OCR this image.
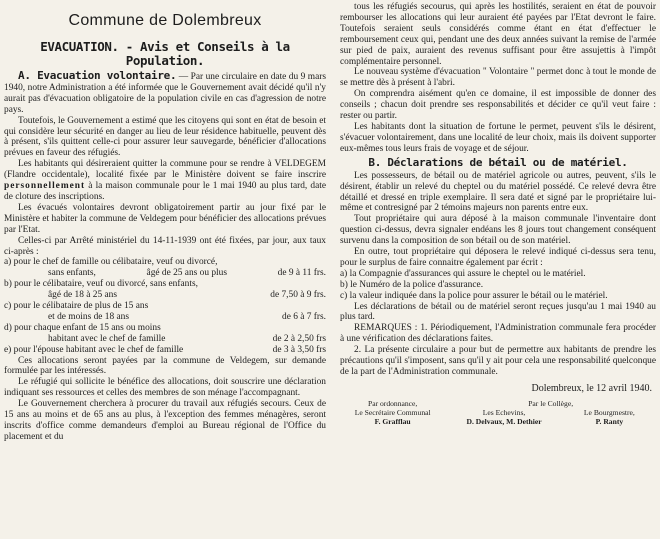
Commune de Dolembreux
EVACUATION. - Avis et Conseils à la Population.

A. Evacuation volontaire. — Par une circulaire en date du 9 mars 1940, notre Administration a été informée que le Gouvernement avait décidé qu'il n'y aurait pas d'évacuation obligatoire de la population civile en cas d'agression de notre pays.

Toutefois, le Gouvernement a estimé que les citoyens qui sont en état de besoin et qui considère leur sécurité en danger au lieu de leur résidence habituelle, peuvent dès à présent, s'ils quittent celle-ci pour assurer leur sauvegarde, bénéficier d'allocations prévues en faveur des réfugiés.

Les habitants qui désireraient quitter la commune pour se rendre à VELDEGEM (Flandre occidentale), localité fixée par le Ministère doivent se faire inscrire personnellement à la maison communale pour le 1 mai 1940 au plus tard, date de cloture des inscriptions.

Les évacués volontaires devront obligatoirement partir au jour fixé par le Ministère et habiter la commune de Veldegem pour bénéficier des allocations prévues par l'Etat.

Celles-ci par Arrêté ministériel du 14-11-1939 ont été fixées, par jour, aux taux ci-après :

a) pour le chef de famille ou célibataire, veuf ou divorcé,
sans enfants,	âgé de 25 ans ou plus	de 9 à 11 frs.
b) pour le célibataire, veuf ou divorcé, sans enfants,
âgé de 18 à 25 ans	de 7,50 à 9 frs.
c) pour le célibataire de plus de 15 ans
et de moins de 18 ans	de 6 à 7 frs.
d) pour chaque enfant de 15 ans ou moins
habitant avec le chef de famille	de 2 à 2,50 frs
e) pour l'épouse habitant avec le chef de famille	de 3 à 3,50 frs

Ces allocations seront payées par la commune de Veldegem, sur demande formulée par les intéressés.

Le réfugié qui sollicite le bénéfice des allocations, doit souscrire une déclaration indiquant ses ressources et celles des membres de son ménage l'accompagnant.

Le Gouvernement cherchera à procurer du travail aux réfugiés secours. Ceux de 15 ans au moins et de 65 ans au plus, à l'exception des femmes ménagères, seront inscrits d'office comme demandeurs d'emploi au Bureau régional de l'Office du placement et du

tous les réfugiés secourus, qui après les hostilités, seraient en état de pouvoir rembourser les allocations qui leur auraient été payées par l'Etat devront le faire. Toutefois seraient seuls considérés comme étant en état d'effectuer le remboursement ceux qui, pendant une des deux années suivant la remise de l'armée sur pied de paix, auraient des revenus suffisant pour être assujettis à l'impôt complémentaire personnel.

Le nouveau système d'évacuation " Volontaire " permet donc à tout le monde de se mettre dès à présent à l'abri.

On comprendra aisément qu'en ce domaine, il est impossible de donner des conseils ; chacun doit prendre ses responsabilités et décider ce qu'il veut faire : rester ou partir.

Les habitants dont la situation de fortune le permet, peuvent s'ils le désirent, s'évacuer volontairement, dans une localité de leur choix, mais ils doivent supporter eux-mêmes tous leurs frais de voyage et de séjour.

B. Déclarations de bétail ou de matériel.

Les possesseurs, de bétail ou de matériel agricole ou autres, peuvent, s'ils le désirent, établir un relevé du cheptel ou du matériel possédé. Ce relevé devra être détaillé et dressé en triple exemplaire. Il sera daté et signé par le propriétaire lui-même et contresigné par 2 témoins majeurs non parents entre eux.

Tout propriétaire qui aura déposé à la maison communale l'inventaire dont question ci-dessus, devra signaler endéans les 8 jours tout changement conséquent survenu dans la composition de son bétail ou de son matériel.

En outre, tout propriétaire qui déposera le relevé indiqué ci-dessus sera tenu, pour le surplus de faire connaitre également par écrit :

a) la Compagnie d'assurances qui assure le cheptel ou le matériel.

b) le Numéro de la police d'assurance.

c) la valeur indiquée dans la police pour assurer le bétail ou le matériel.

Les déclarations de bétail ou de matériel seront reçues jusqu'au 1 mai 1940 au plus tard.

REMARQUES : 1. Périodiquement, l'Administration communale fera procéder à une vérification des déclarations faites.

2. La présente circulaire a pour but de permettre aux habitants de prendre les précautions qu'il s'imposent, sans qu'il y ait pour cela une responsabilité quelconque de la part de l'Administration communale.

Dolembreux, le 12 avril 1940.
Par ordonnance,
Le Secrétaire Communal
F. Grafflau
Par le Collège,
Les Echevins,
D. Delvaux, M. Dethier
Le Bourgmestre,
P. Ranty
